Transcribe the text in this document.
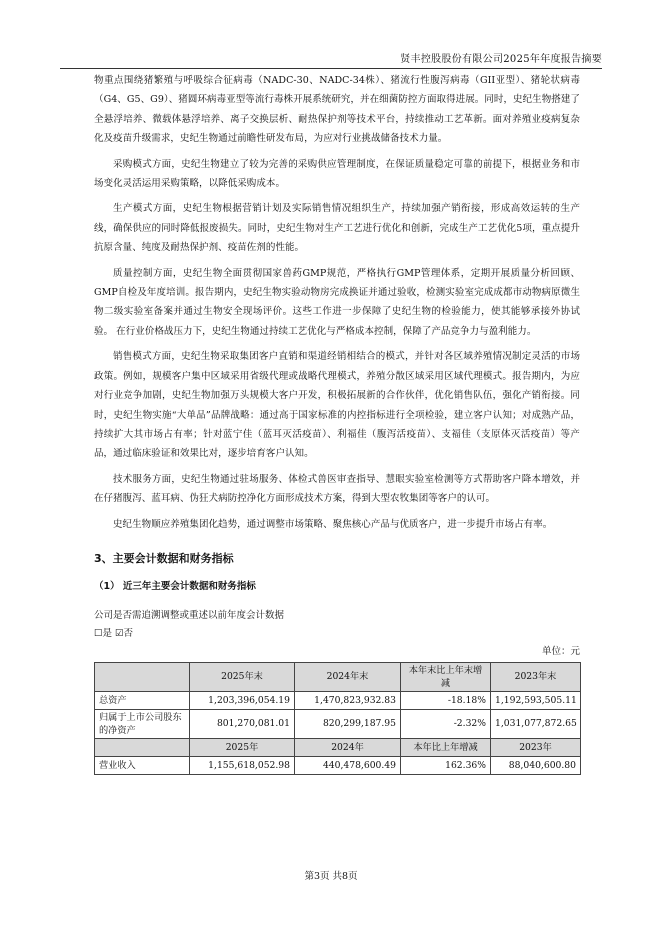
贤丰控股股份有限公司2025年年度报告摘要

物重点围绕猪繁殖与呼吸综合征病毒（NADC-30、NADC-34株）、猪流行性腹泻病毒（GII亚型）、猪轮状病毒（G4、G5、G9）、猪圆环病毒亚型等流行毒株开展系统研究，并在细菌防控方面取得进展。同时，史纪生物搭建了全悬浮培养、微载体悬浮培养、离子交换层析、耐热保护剂等技术平台，持续推动工艺革新。面对养殖业疫病复杂化及疫苗升级需求，史纪生物通过前瞻性研发布局，为应对行业挑战储备技术力量。

采购模式方面，史纪生物建立了较为完善的采购供应管理制度，在保证质量稳定可靠的前提下，根据业务和市场变化灵活运用采购策略，以降低采购成本。

生产模式方面，史纪生物根据营销计划及实际销售情况组织生产，持续加强产销衔接，形成高效运转的生产线，确保供应的同时降低报废损失。同时，史纪生物对生产工艺进行优化和创新，完成生产工艺优化5项，重点提升抗原含量、纯度及耐热保护剂、疫苗佐剂的性能。

质量控制方面，史纪生物全面贯彻国家兽药GMP规范，严格执行GMP管理体系，定期开展质量分析回顾、GMP自检及年度培训。报告期内，史纪生物实验动物房完成换证并通过验收，检测实验室完成成都市动物病原微生物二级实验室备案并通过生物安全现场评价。这些工作进一步保障了史纪生物的检验能力，使其能够承接外协试验。 在行业价格战压力下，史纪生物通过持续工艺优化与严格成本控制，保障了产品竞争力与盈利能力。

销售模式方面，史纪生物采取集团客户直销和渠道经销相结合的模式，并针对各区域养殖情况制定灵活的市场政策。例如，规模客户集中区域采用省级代理或战略代理模式，养殖分散区域采用区域代理模式。报告期内，为应对行业竞争加剧，史纪生物加强万头规模大客户开发，积极拓展新的合作伙伴，优化销售队伍，强化产销衔接。同时，史纪生物实施“大单品”品牌战略：通过高于国家标准的内控指标进行全项检验，建立客户认知；对成熟产品，持续扩大其市场占有率；针对蓝宁佳（蓝耳灭活疫苗）、利福佳（腹泻活疫苗）、支福佳（支原体灭活疫苗）等产品，通过临床验证和效果比对，逐步培育客户认知。

技术服务方面，史纪生物通过驻场服务、体检式兽医审查指导、慧眼实验室检测等方式帮助客户降本增效，并在仔猪腹泻、蓝耳病、伪狂犬病防控净化方面形成技术方案，得到大型农牧集团等客户的认可。

史纪生物顺应养殖集团化趋势，通过调整市场策略、聚焦核心产品与优质客户，进一步提升市场占有率。

3、主要会计数据和财务指标
（1） 近三年主要会计数据和财务指标

公司是否需追溯调整或重述以前年度会计数据

☐是 ☑否

单位：元
	2025年末	2024年末	本年末比上年末增减	2023年末
总资产	1,203,396,054.19	1,470,823,932.83	-18.18%	1,192,593,505.11
归属于上市公司股东的净资产	801,270,081.01	820,299,187.95	-2.32%	1,031,077,872.65
	2025年	2024年	本年比上年增减	2023年
营业收入	1,155,618,052.98	440,478,600.49	162.36%	88,040,600.80
第3页 共8页
